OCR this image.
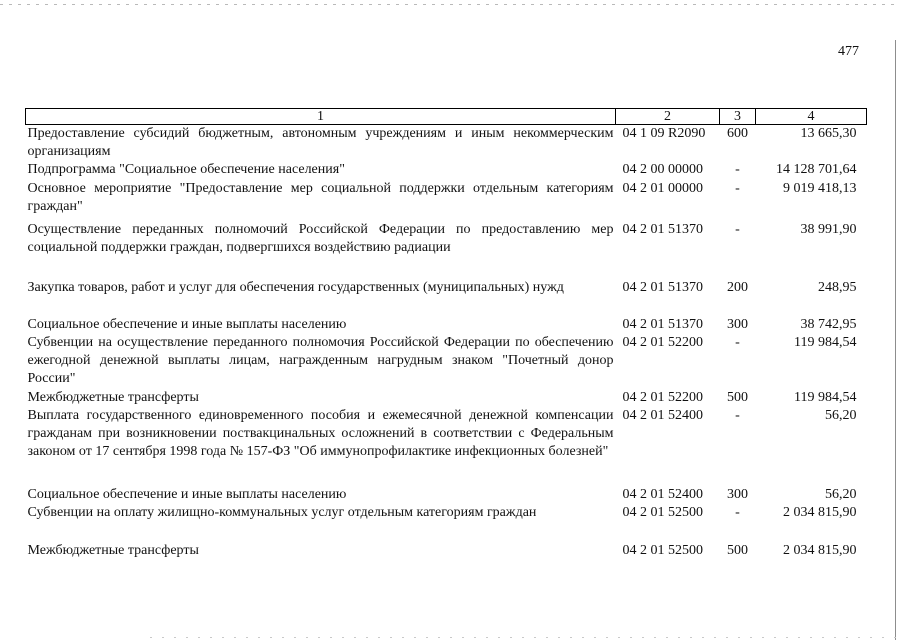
477
1	2	3	4
Предоставление субсидий бюджетным, автономным учреждениям и иным некоммерческим организациям	04 1 09 R2090	600	13 665,30
Подпрограмма "Социальное обеспечение населения"	04 2 00 00000	-	14 128 701,64
Основное мероприятие "Предоставление мер социальной поддержки отдельным категориям граждан"	04 2 01 00000	-	9 019 418,13
Осуществление переданных полномочий Российской Федерации по предоставлению мер социальной поддержки граждан, подвергшихся воздействию радиации	04 2 01 51370	-	38 991,90
Закупка товаров, работ и услуг для обеспечения государственных (муниципальных) нужд	04 2 01 51370	200	248,95
Социальное обеспечение и иные выплаты населению	04 2 01 51370	300	38 742,95
Субвенции на осуществление переданного полномочия Российской Федерации по обеспечению ежегодной денежной выплаты лицам, награжденным нагрудным знаком "Почетный донор России"	04 2 01 52200	-	119 984,54
Межбюджетные трансферты	04 2 01 52200	500	119 984,54
Выплата государственного единовременного пособия и ежемесячной денежной компенсации гражданам при возникновении поствакцинальных осложнений в соответствии с Федеральным законом от 17 сентября 1998 года № 157-ФЗ "Об иммунопрофилактике инфекционных болезней"	04 2 01 52400	-	56,20
Социальное обеспечение и иные выплаты населению	04 2 01 52400	300	56,20
Субвенции на оплату жилищно-коммунальных услуг отдельным категориям граждан	04 2 01 52500	-	2 034 815,90
Межбюджетные трансферты	04 2 01 52500	500	2 034 815,90
